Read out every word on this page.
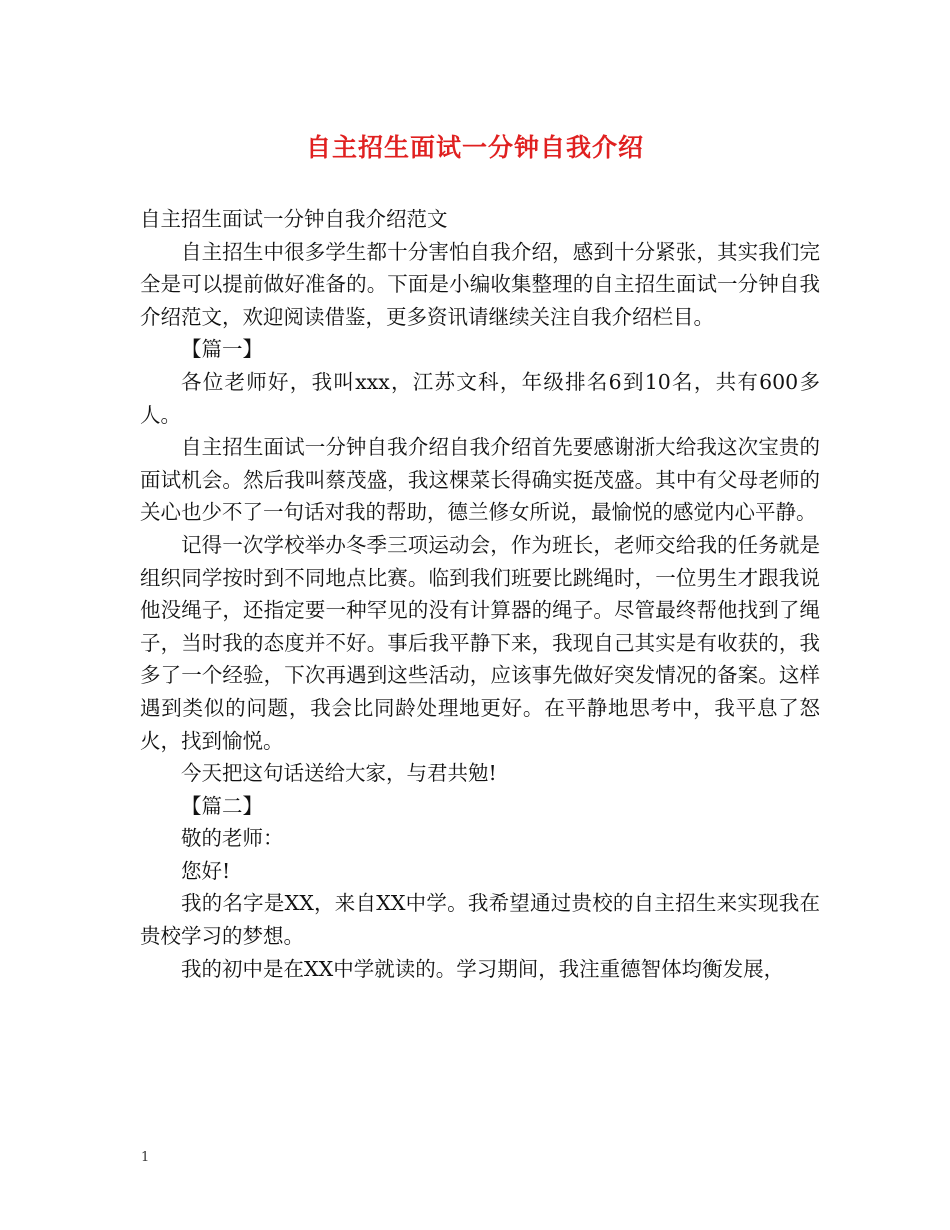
自主招生面试一分钟自我介绍

自主招生面试一分钟自我介绍范文

自主招生中很多学生都十分害怕自我介绍，感到十分紧张，其实我们完全是可以提前做好准备的。下面是小编收集整理的自主招生面试一分钟自我介绍范文，欢迎阅读借鉴，更多资讯请继续关注自我介绍栏目。

【篇一】

各位老师好，我叫xxx，江苏文科，年级排名6到10名，共有600多人。

自主招生面试一分钟自我介绍自我介绍首先要感谢浙大给我这次宝贵的面试机会。然后我叫蔡茂盛，我这棵菜长得确实挺茂盛。其中有父母老师的关心也少不了一句话对我的帮助，德兰修女所说，最愉悦的感觉内心平静。

记得一次学校举办冬季三项运动会，作为班长，老师交给我的任务就是组织同学按时到不同地点比赛。临到我们班要比跳绳时，一位男生才跟我说他没绳子，还指定要一种罕见的没有计算器的绳子。尽管最终帮他找到了绳子，当时我的态度并不好。事后我平静下来，我现自己其实是有收获的，我多了一个经验，下次再遇到这些活动，应该事先做好突发情况的备案。这样遇到类似的问题，我会比同龄处理地更好。在平静地思考中，我平息了怒火，找到愉悦。

今天把这句话送给大家，与君共勉!

【篇二】

敬的老师：

您好!

我的名字是XX，来自XX中学。我希望通过贵校的自主招生来实现我在贵校学习的梦想。

我的初中是在XX中学就读的。学习期间，我注重德智体均衡发展，

1
